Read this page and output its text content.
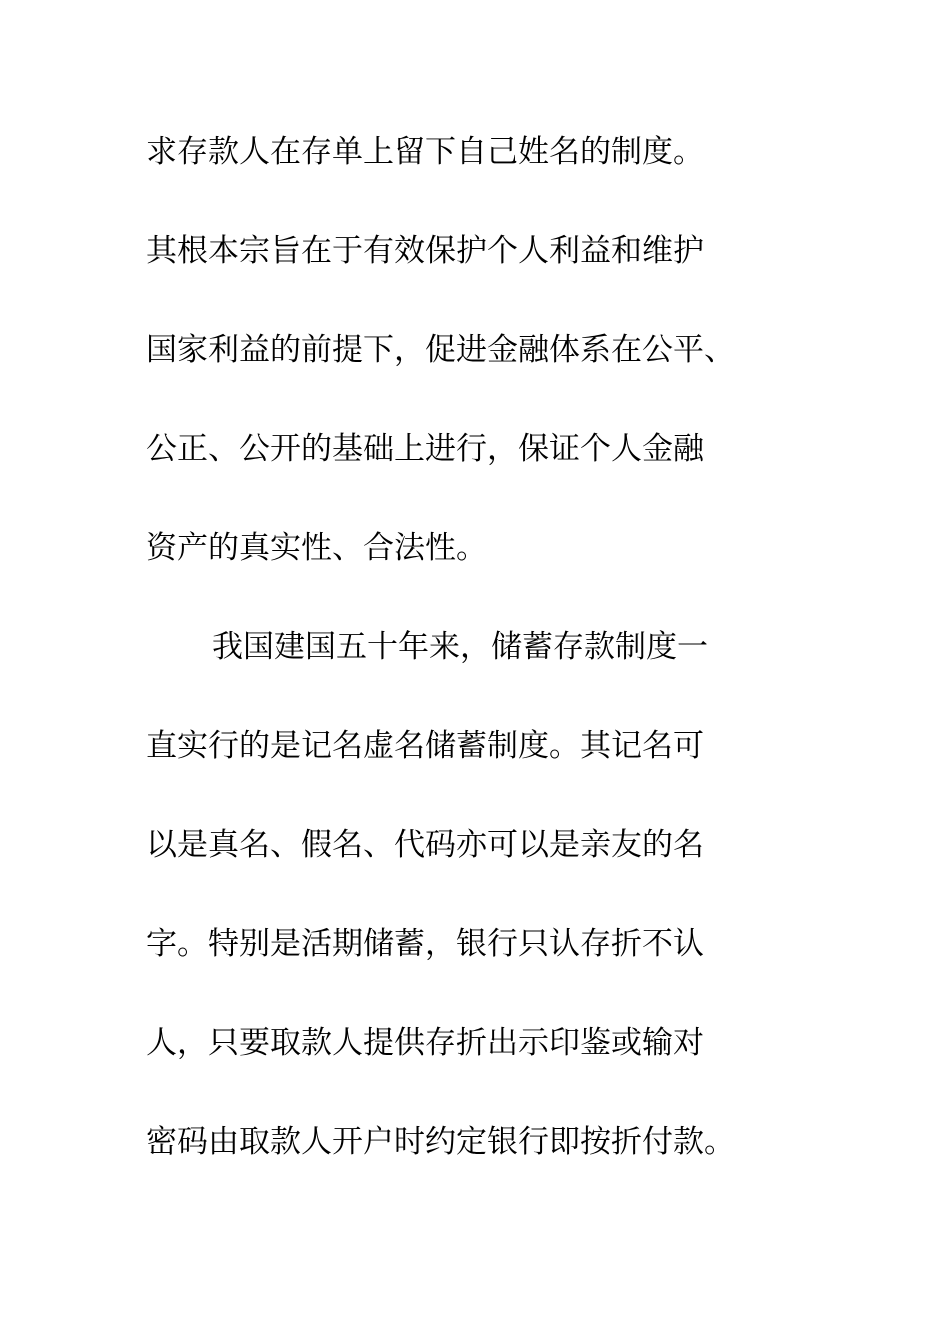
求存款人在存单上留下自己姓名的制度。
其根本宗旨在于有效保护个人利益和维护
国家利益的前提下，促进金融体系在公平、
公正、公开的基础上进行，保证个人金融
资产的真实性、合法性。
我国建国五十年来，储蓄存款制度一
直实行的是记名虚名储蓄制度。其记名可
以是真名、假名、代码亦可以是亲友的名
字。特别是活期储蓄，银行只认存折不认
人，只要取款人提供存折出示印鉴或输对
密码由取款人开户时约定银行即按折付款。
